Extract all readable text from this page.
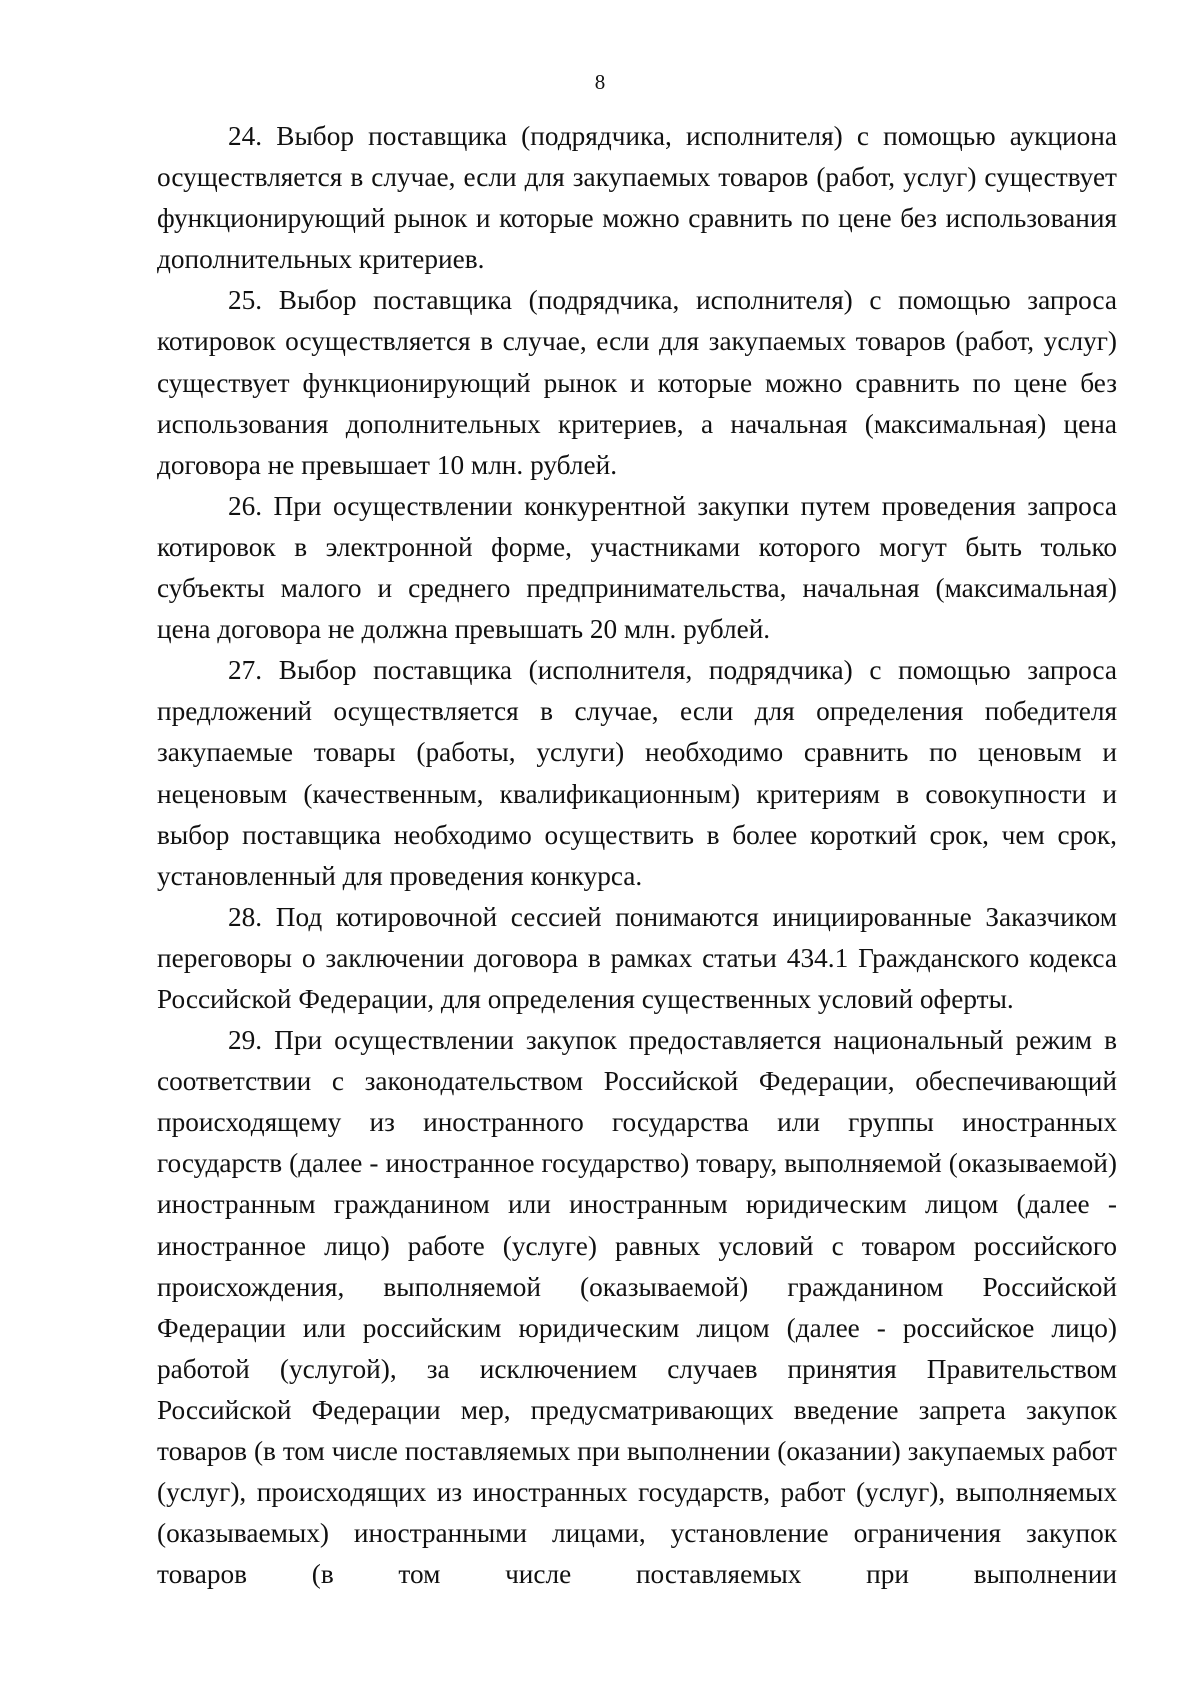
8

24. Выбор поставщика (подрядчика, исполнителя) с помощью аукциона осуществляется в случае, если для закупаемых товаров (работ, услуг) существует функционирующий рынок и которые можно сравнить по цене без использования дополнительных критериев.

25. Выбор поставщика (подрядчика, исполнителя) с помощью запроса котировок осуществляется в случае, если для закупаемых товаров (работ, услуг) существует функционирующий рынок и которые можно сравнить по цене без использования дополнительных критериев, а начальная (максимальная) цена договора не превышает 10 млн. рублей.

26. При осуществлении конкурентной закупки путем проведения запроса котировок в электронной форме, участниками которого могут быть только субъекты малого и среднего предпринимательства, начальная (максимальная) цена договора не должна превышать 20 млн. рублей.

27. Выбор поставщика (исполнителя, подрядчика) с помощью запроса предложений осуществляется в случае, если для определения победителя закупаемые товары (работы, услуги) необходимо сравнить по ценовым и неценовым (качественным, квалификационным) критериям в совокупности и выбор поставщика необходимо осуществить в более короткий срок, чем срок, установленный для проведения конкурса.

28. Под котировочной сессией понимаются инициированные Заказчиком переговоры о заключении договора в рамках статьи 434.1 Гражданского кодекса Российской Федерации, для определения существенных условий оферты.

29. При осуществлении закупок предоставляется национальный режим в соответствии с законодательством Российской Федерации, обеспечивающий происходящему из иностранного государства или группы иностранных государств (далее - иностранное государство) товару, выполняемой (оказываемой) иностранным гражданином или иностранным юридическим лицом (далее - иностранное лицо) работе (услуге) равных условий с товаром российского происхождения, выполняемой (оказываемой) гражданином Российской Федерации или российским юридическим лицом (далее - российское лицо) работой (услугой), за исключением случаев принятия Правительством Российской Федерации мер, предусматривающих введение запрета закупок товаров (в том числе поставляемых при выполнении (оказании) закупаемых работ (услуг), происходящих из иностранных государств, работ (услуг), выполняемых (оказываемых) иностранными лицами, установление ограничения закупок товаров (в том числе поставляемых при выполнении
